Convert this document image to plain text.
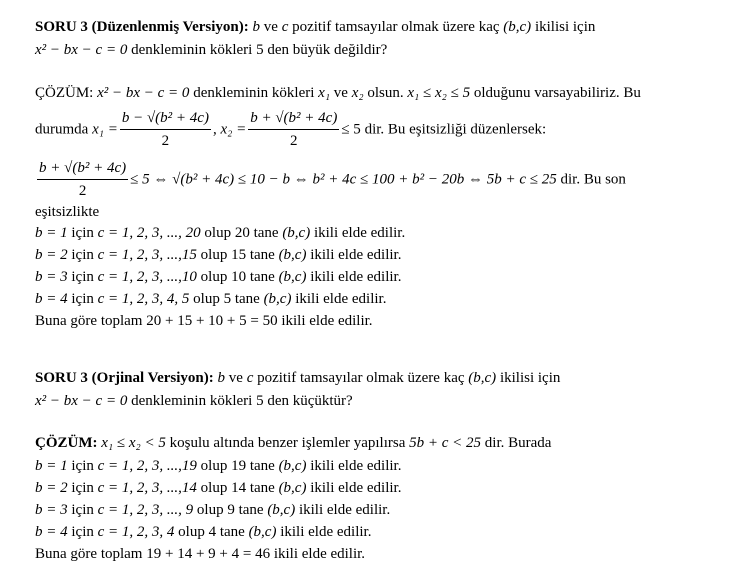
SORU 3 (Düzenlenmiş Versiyon): b ve c pozitif tamsayılar olmak üzere kaç (b,c) ikilisi için
x² − bx − c = 0 denkleminin kökleri 5 den büyük değildir?
ÇÖZÜM: x² − bx − c = 0 denkleminin kökleri x₁ ve x₂ olsun. x₁ ≤ x₂ ≤ 5 olduğunu varsayabiliriz. Bu
durumda $x_1 = \frac{\text{b − √(b² + 4c)}}{2}$ , $x_2 = \frac{\text{b + √(b² + 4c)}}{2} \le 5$ dir. Bu eşitsizliği düzenlersek:
$\frac{\text{b + √(b² + 4c)}}{2} \le 5$ ⇔ √(b² + 4c) ≤ 10 − b ⇔ b² + 4c ≤ 100 + b² − 20b ⇔ 5b + c ≤ 25 dir. Bu son
eşitsizlikte
b = 1 için c = 1, 2, 3, ..., 20 olup 20 tane (b,c) ikili elde edilir.
b = 2 için c = 1, 2, 3, ...,15 olup 15 tane (b,c) ikili elde edilir.
b = 3 için c = 1, 2, 3, ...,10 olup 10 tane (b,c) ikili elde edilir.
b = 4 için c = 1, 2, 3, 4, 5 olup 5 tane (b,c) ikili elde edilir.
Buna göre toplam 20 + 15 + 10 + 5 = 50 ikili elde edilir.
SORU 3 (Orjinal Versiyon): b ve c pozitif tamsayılar olmak üzere kaç (b,c) ikilisi için
x² − bx − c = 0 denkleminin kökleri 5 den küçüktür?
ÇÖZÜM: x₁ ≤ x₂ < 5 koşulu altında benzer işlemler yapılırsa 5b + c < 25 dir. Burada
b = 1 için c = 1, 2, 3, ...,19 olup 19 tane (b,c) ikili elde edilir.
b = 2 için c = 1, 2, 3, ...,14 olup 14 tane (b,c) ikili elde edilir.
b = 3 için c = 1, 2, 3, ..., 9 olup 9 tane (b,c) ikili elde edilir.
b = 4 için c = 1, 2, 3, 4 olup 4 tane (b,c) ikili elde edilir.
Buna göre toplam 19 + 14 + 9 + 4 = 46 ikili elde edilir.
